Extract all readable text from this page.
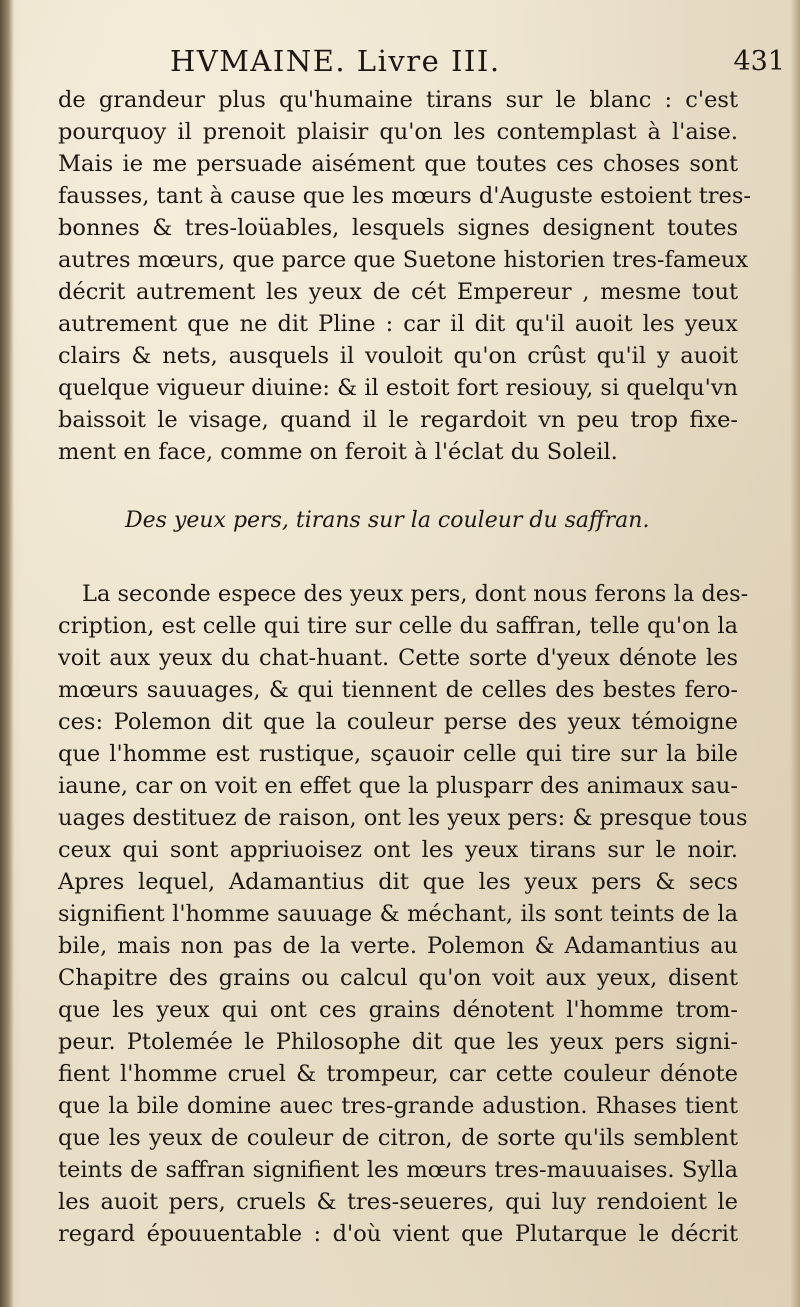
HVMAINE. Livre III.	431
de grandeur plus qu'humaine tirans sur le blanc : c'est
pourquoy il prenoit plaisir qu'on les contemplast à l'aise.
Mais ie me persuade aisément que toutes ces choses sont
fausses, tant à cause que les mœurs d'Auguste estoient tres-
bonnes & tres-loüables, lesquels signes designent toutes
autres mœurs, que parce que Suetone historien tres-fameux
décrit autrement les yeux de cét Empereur , mesme tout
autrement que ne dit Pline : car il dit qu'il auoit les yeux
clairs & nets, ausquels il vouloit qu'on crûst qu'il y auoit
quelque vigueur diuine: & il estoit fort resiouy, si quelqu'vn
baissoit le visage, quand il le regardoit vn peu trop fixe-
ment en face, comme on feroit à l'éclat du Soleil.
Des yeux pers, tirans sur la couleur du saffran.
La seconde espece des yeux pers, dont nous ferons la des-
cription, est celle qui tire sur celle du saffran, telle qu'on la
voit aux yeux du chat-huant. Cette sorte d'yeux dénote les
mœurs sauuages, & qui tiennent de celles des bestes fero-
ces: Polemon dit que la couleur perse des yeux témoigne
que l'homme est rustique, sçauoir celle qui tire sur la bile
iaune, car on voit en effet que la plusparr des animaux sau-
uages destituez de raison, ont les yeux pers: & presque tous
ceux qui sont appriuoisez ont les yeux tirans sur le noir.
Apres lequel, Adamantius dit que les yeux pers & secs
signifient l'homme sauuage & méchant, ils sont teints de la
bile, mais non pas de la verte. Polemon & Adamantius au
Chapitre des grains ou calcul qu'on voit aux yeux, disent
que les yeux qui ont ces grains dénotent l'homme trom-
peur. Ptolemée le Philosophe dit que les yeux pers signi-
fient l'homme cruel & trompeur, car cette couleur dénote
que la bile domine auec tres-grande adustion. Rhases tient
que les yeux de couleur de citron, de sorte qu'ils semblent
teints de saffran signifient les mœurs tres-mauuaises. Sylla
les auoit pers, cruels & tres-seueres, qui luy rendoient le
regard épouuentable : d'où vient que Plutarque le décrit
